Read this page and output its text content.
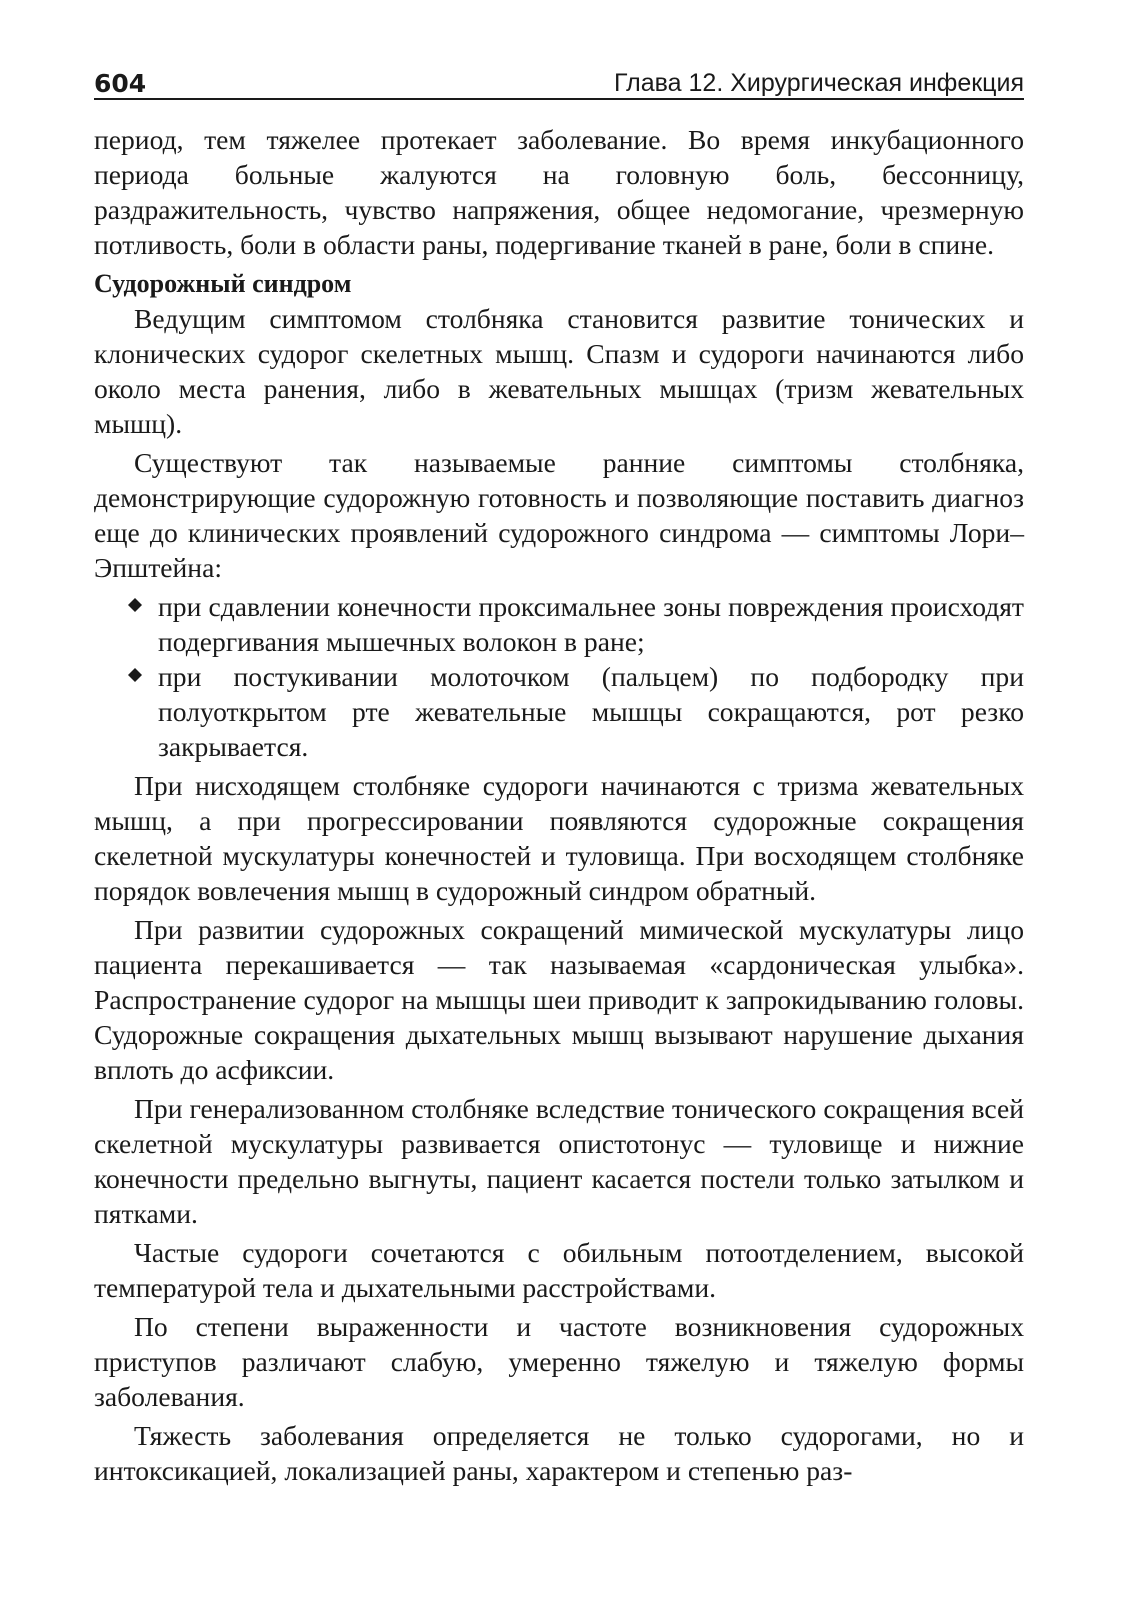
604	Глава 12. Хирургическая инфекция

период, тем тяжелее протекает заболевание. Во время инкубационного периода больные жалуются на головную боль, бессонницу, раздражительность, чувство напряжения, общее недомогание, чрезмерную потливость, боли в области раны, подергивание тканей в ране, боли в спине.

Судорожный синдром

Ведущим симптомом столбняка становится развитие тонических и клонических судорог скелетных мышц. Спазм и судороги начинаются либо около места ранения, либо в жевательных мышцах (тризм жевательных мышц).

Существуют так называемые ранние симптомы столбняка, демонстрирующие судорожную готовность и позволяющие поставить диагноз еще до клинических проявлений судорожного синдрома — симптомы Лори–Эпштейна:

при сдавлении конечности проксимальнее зоны повреждения происходят подергивания мышечных волокон в ране;
при постукивании молоточком (пальцем) по подбородку при полуоткрытом рте жевательные мышцы сокращаются, рот резко закрывается.

При нисходящем столбняке судороги начинаются с тризма жевательных мышц, а при прогрессировании появляются судорожные сокращения скелетной мускулатуры конечностей и туловища. При восходящем столбняке порядок вовлечения мышц в судорожный синдром обратный.

При развитии судорожных сокращений мимической мускулатуры лицо пациента перекашивается — так называемая «сардоническая улыбка». Распространение судорог на мышцы шеи приводит к запрокидыванию головы. Судорожные сокращения дыхательных мышц вызывают нарушение дыхания вплоть до асфиксии.

При генерализованном столбняке вследствие тонического сокращения всей скелетной мускулатуры развивается опистотонус — туловище и нижние конечности предельно выгнуты, пациент касается постели только затылком и пятками.

Частые судороги сочетаются с обильным потоотделением, высокой температурой тела и дыхательными расстройствами.

По степени выраженности и частоте возникновения судорожных приступов различают слабую, умеренно тяжелую и тяжелую формы заболевания.

Тяжесть заболевания определяется не только судорогами, но и интоксикацией, локализацией раны, характером и степенью раз-
